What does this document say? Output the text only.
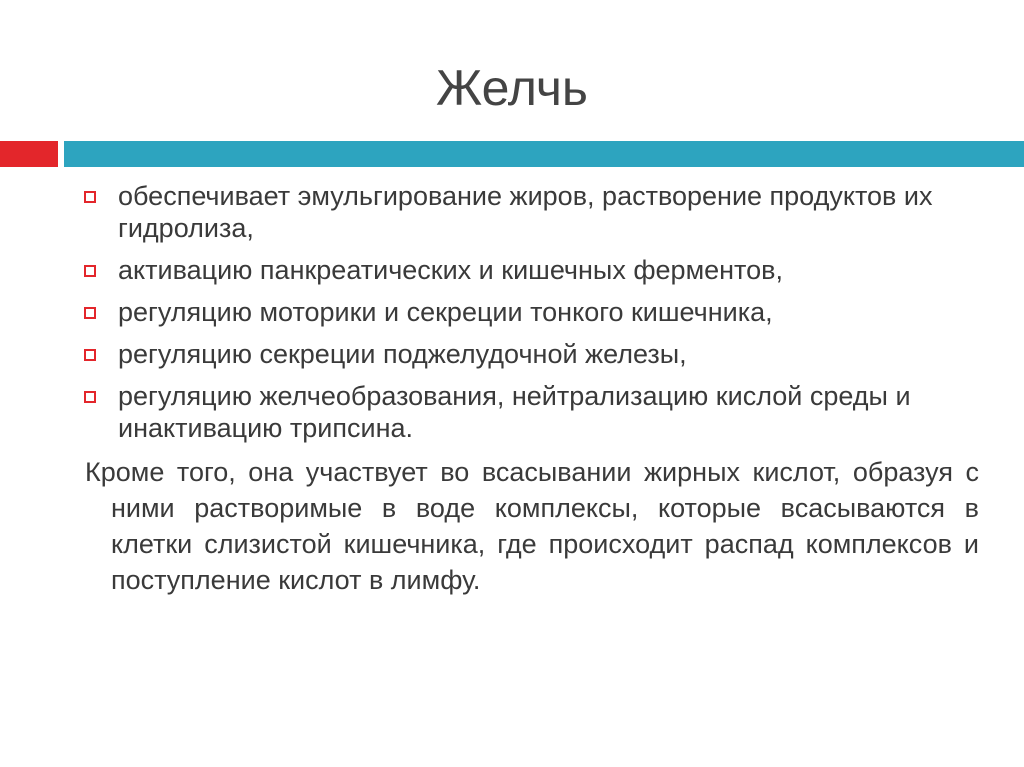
Желчь
обеспечивает эмульгирование жиров, растворение продуктов их гидролиза,
активацию панкреатических и кишечных ферментов,
регуляцию моторики и секреции тонкого кишечника,
регуляцию секреции поджелудочной железы,
регуляцию желчеобразования, нейтрализацию кислой среды и инактивацию трипсина.

Кроме того, она участвует во всасывании жирных кислот, образуя с ними растворимые в воде комплексы, которые всасываются в клетки слизистой кишечника, где происходит распад комплексов и поступление кислот в лимфу.
